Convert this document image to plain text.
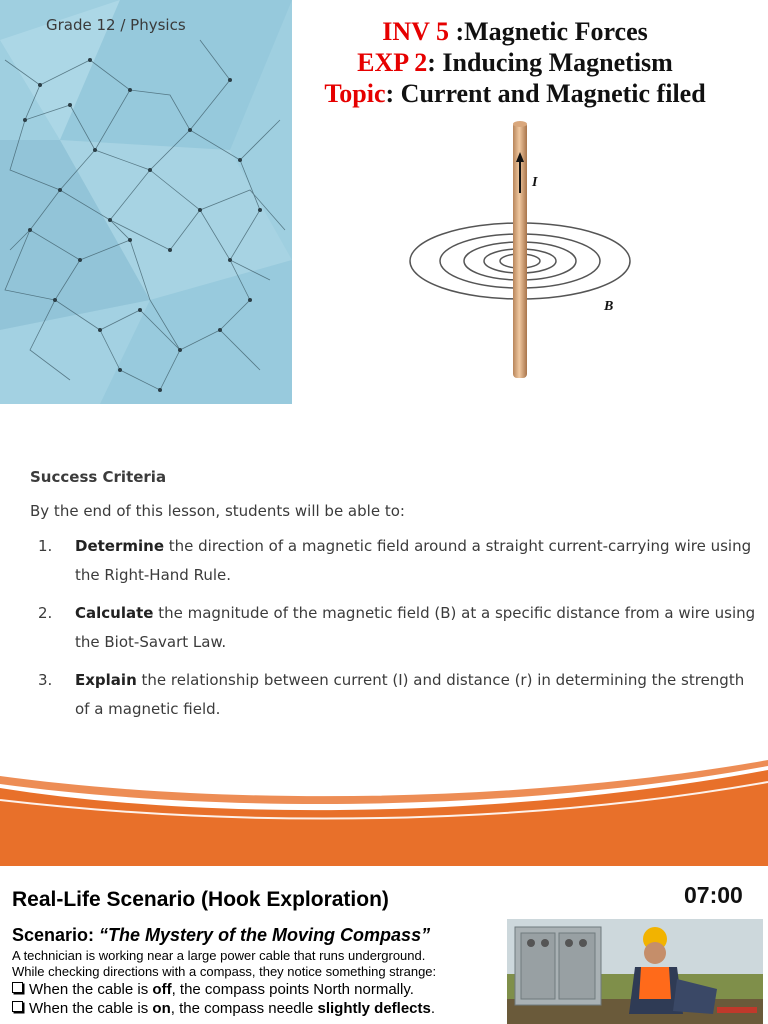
Grade 12 / Physics	INV 5 :Magnetic Forces
EXP 2: Inducing Magnetism
Topic: Current and Magnetic filed
I
B
Success Criteria
By the end of this lesson, students will be able to:
1.	Determine the direction of a magnetic field around a straight current-carrying wire using the Right-Hand Rule.
2.	Calculate the magnitude of the magnetic field (B) at a specific distance from a wire using the Biot-Savart Law.
3.	Explain the relationship between current (I) and distance (r) in determining the strength of a magnetic field.
Real-Life Scenario (Hook Exploration)	07:00
Scenario: “The Mystery of the Moving Compass”
A technician is working near a large power cable that runs underground.
While checking directions with a compass, they notice something strange:
When the cable is off, the compass points North normally.
When the cable is on, the compass needle slightly deflects.
